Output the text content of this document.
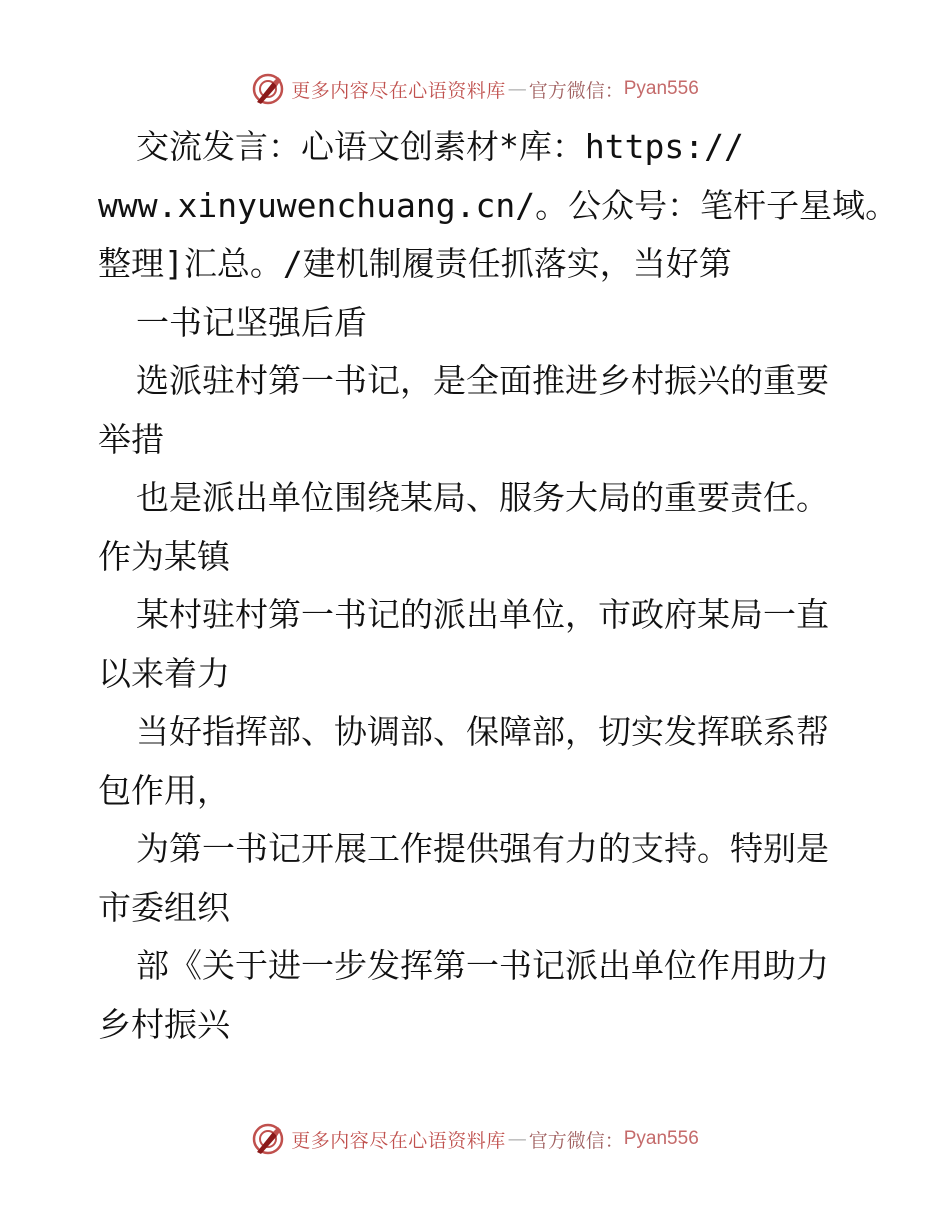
更多内容尽在心语资料库 — 官方微信： Pyan556
交流发言：心语文创素材*库：https://
www.xinyuwenchuang.cn/。公众号：笔杆子星域。
整理]汇总。/建机制履责任抓落实，当好第
一书记坚强后盾
选派驻村第一书记，是全面推进乡村振兴的重要
举措
也是派出单位围绕某局、服务大局的重要责任。
作为某镇
某村驻村第一书记的派出单位，市政府某局一直
以来着力
当好指挥部、协调部、保障部，切实发挥联系帮
包作用，
为第一书记开展工作提供强有力的支持。特别是
市委组织
部《关于进一步发挥第一书记派出单位作用助力
乡村振兴
更多内容尽在心语资料库 — 官方微信： Pyan556
